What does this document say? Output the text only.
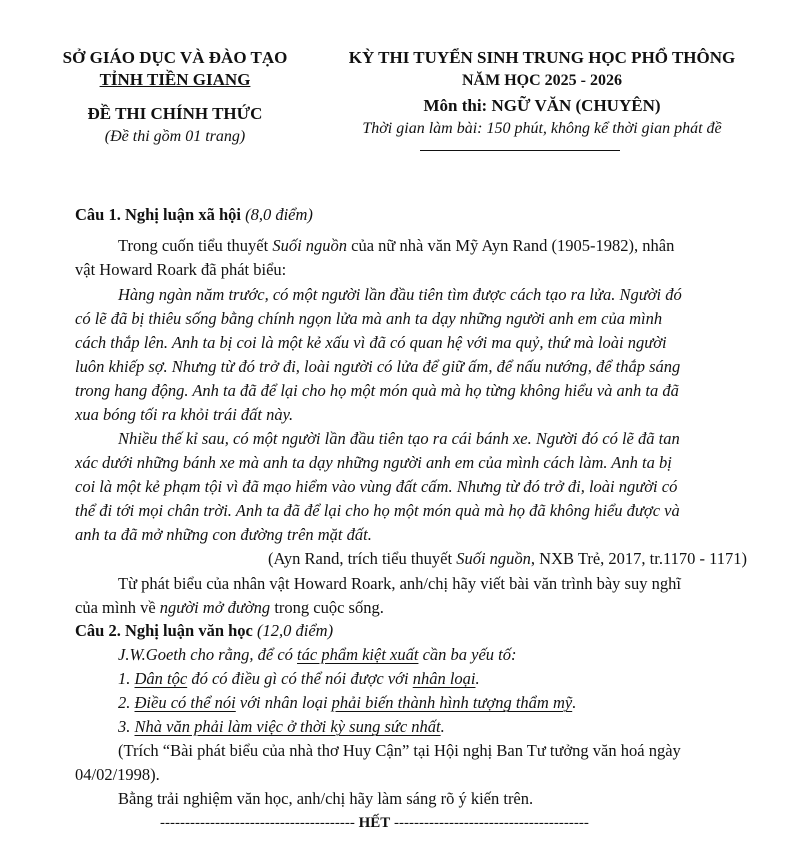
SỞ GIÁO DỤC VÀ ĐÀO TẠO
TỈNH TIỀN GIANG
ĐỀ THI CHÍNH THỨC
(Đề thi gồm 01 trang)
KỲ THI TUYỂN SINH TRUNG HỌC PHỔ THÔNG
NĂM HỌC 2025 - 2026
Môn thi: NGỮ VĂN (CHUYÊN)
Thời gian làm bài: 150 phút, không kể thời gian phát đề
Câu 1. Nghị luận xã hội (8,0 điểm)
Trong cuốn tiểu thuyết Suối nguồn của nữ nhà văn Mỹ Ayn Rand (1905-1982), nhân
vật Howard Roark đã phát biểu:
Hàng ngàn năm trước, có một người lần đầu tiên tìm được cách tạo ra lửa. Người đó
có lẽ đã bị thiêu sống bằng chính ngọn lửa mà anh ta dạy những người anh em của mình
cách thắp lên. Anh ta bị coi là một kẻ xấu vì đã có quan hệ với ma quỷ, thứ mà loài người
luôn khiếp sợ. Nhưng từ đó trở đi, loài người có lửa để giữ ấm, để nấu nướng, để thắp sáng
trong hang động. Anh ta đã để lại cho họ một món quà mà họ từng không hiểu và anh ta đã
xua bóng tối ra khỏi trái đất này.
Nhiều thế kỉ sau, có một người lần đầu tiên tạo ra cái bánh xe. Người đó có lẽ đã tan
xác dưới những bánh xe mà anh ta dạy những người anh em của mình cách làm. Anh ta bị
coi là một kẻ phạm tội vì đã mạo hiểm vào vùng đất cấm. Nhưng từ đó trở đi, loài người có
thể đi tới mọi chân trời. Anh ta đã để lại cho họ một món quà mà họ đã không hiểu được và
anh ta đã mở những con đường trên mặt đất.
(Ayn Rand, trích tiểu thuyết Suối nguồn, NXB Trẻ, 2017, tr.1170 - 1171)
Từ phát biểu của nhân vật Howard Roark, anh/chị hãy viết bài văn trình bày suy nghĩ
của mình về người mở đường trong cuộc sống.
Câu 2. Nghị luận văn học (12,0 điểm)
J.W.Goeth cho rằng, để có tác phẩm kiệt xuất cần ba yếu tố:
1. Dân tộc đó có điều gì có thể nói được với nhân loại.
2. Điều có thể nói với nhân loại phải biến thành hình tượng thẩm mỹ.
3. Nhà văn phải làm việc ở thời kỳ sung sức nhất.
(Trích “Bài phát biểu của nhà thơ Huy Cận” tại Hội nghị Ban Tư tưởng văn hoá ngày
04/02/1998).
Bằng trải nghiệm văn học, anh/chị hãy làm sáng rõ ý kiến trên.
--------------------------------------- HẾT ---------------------------------------
